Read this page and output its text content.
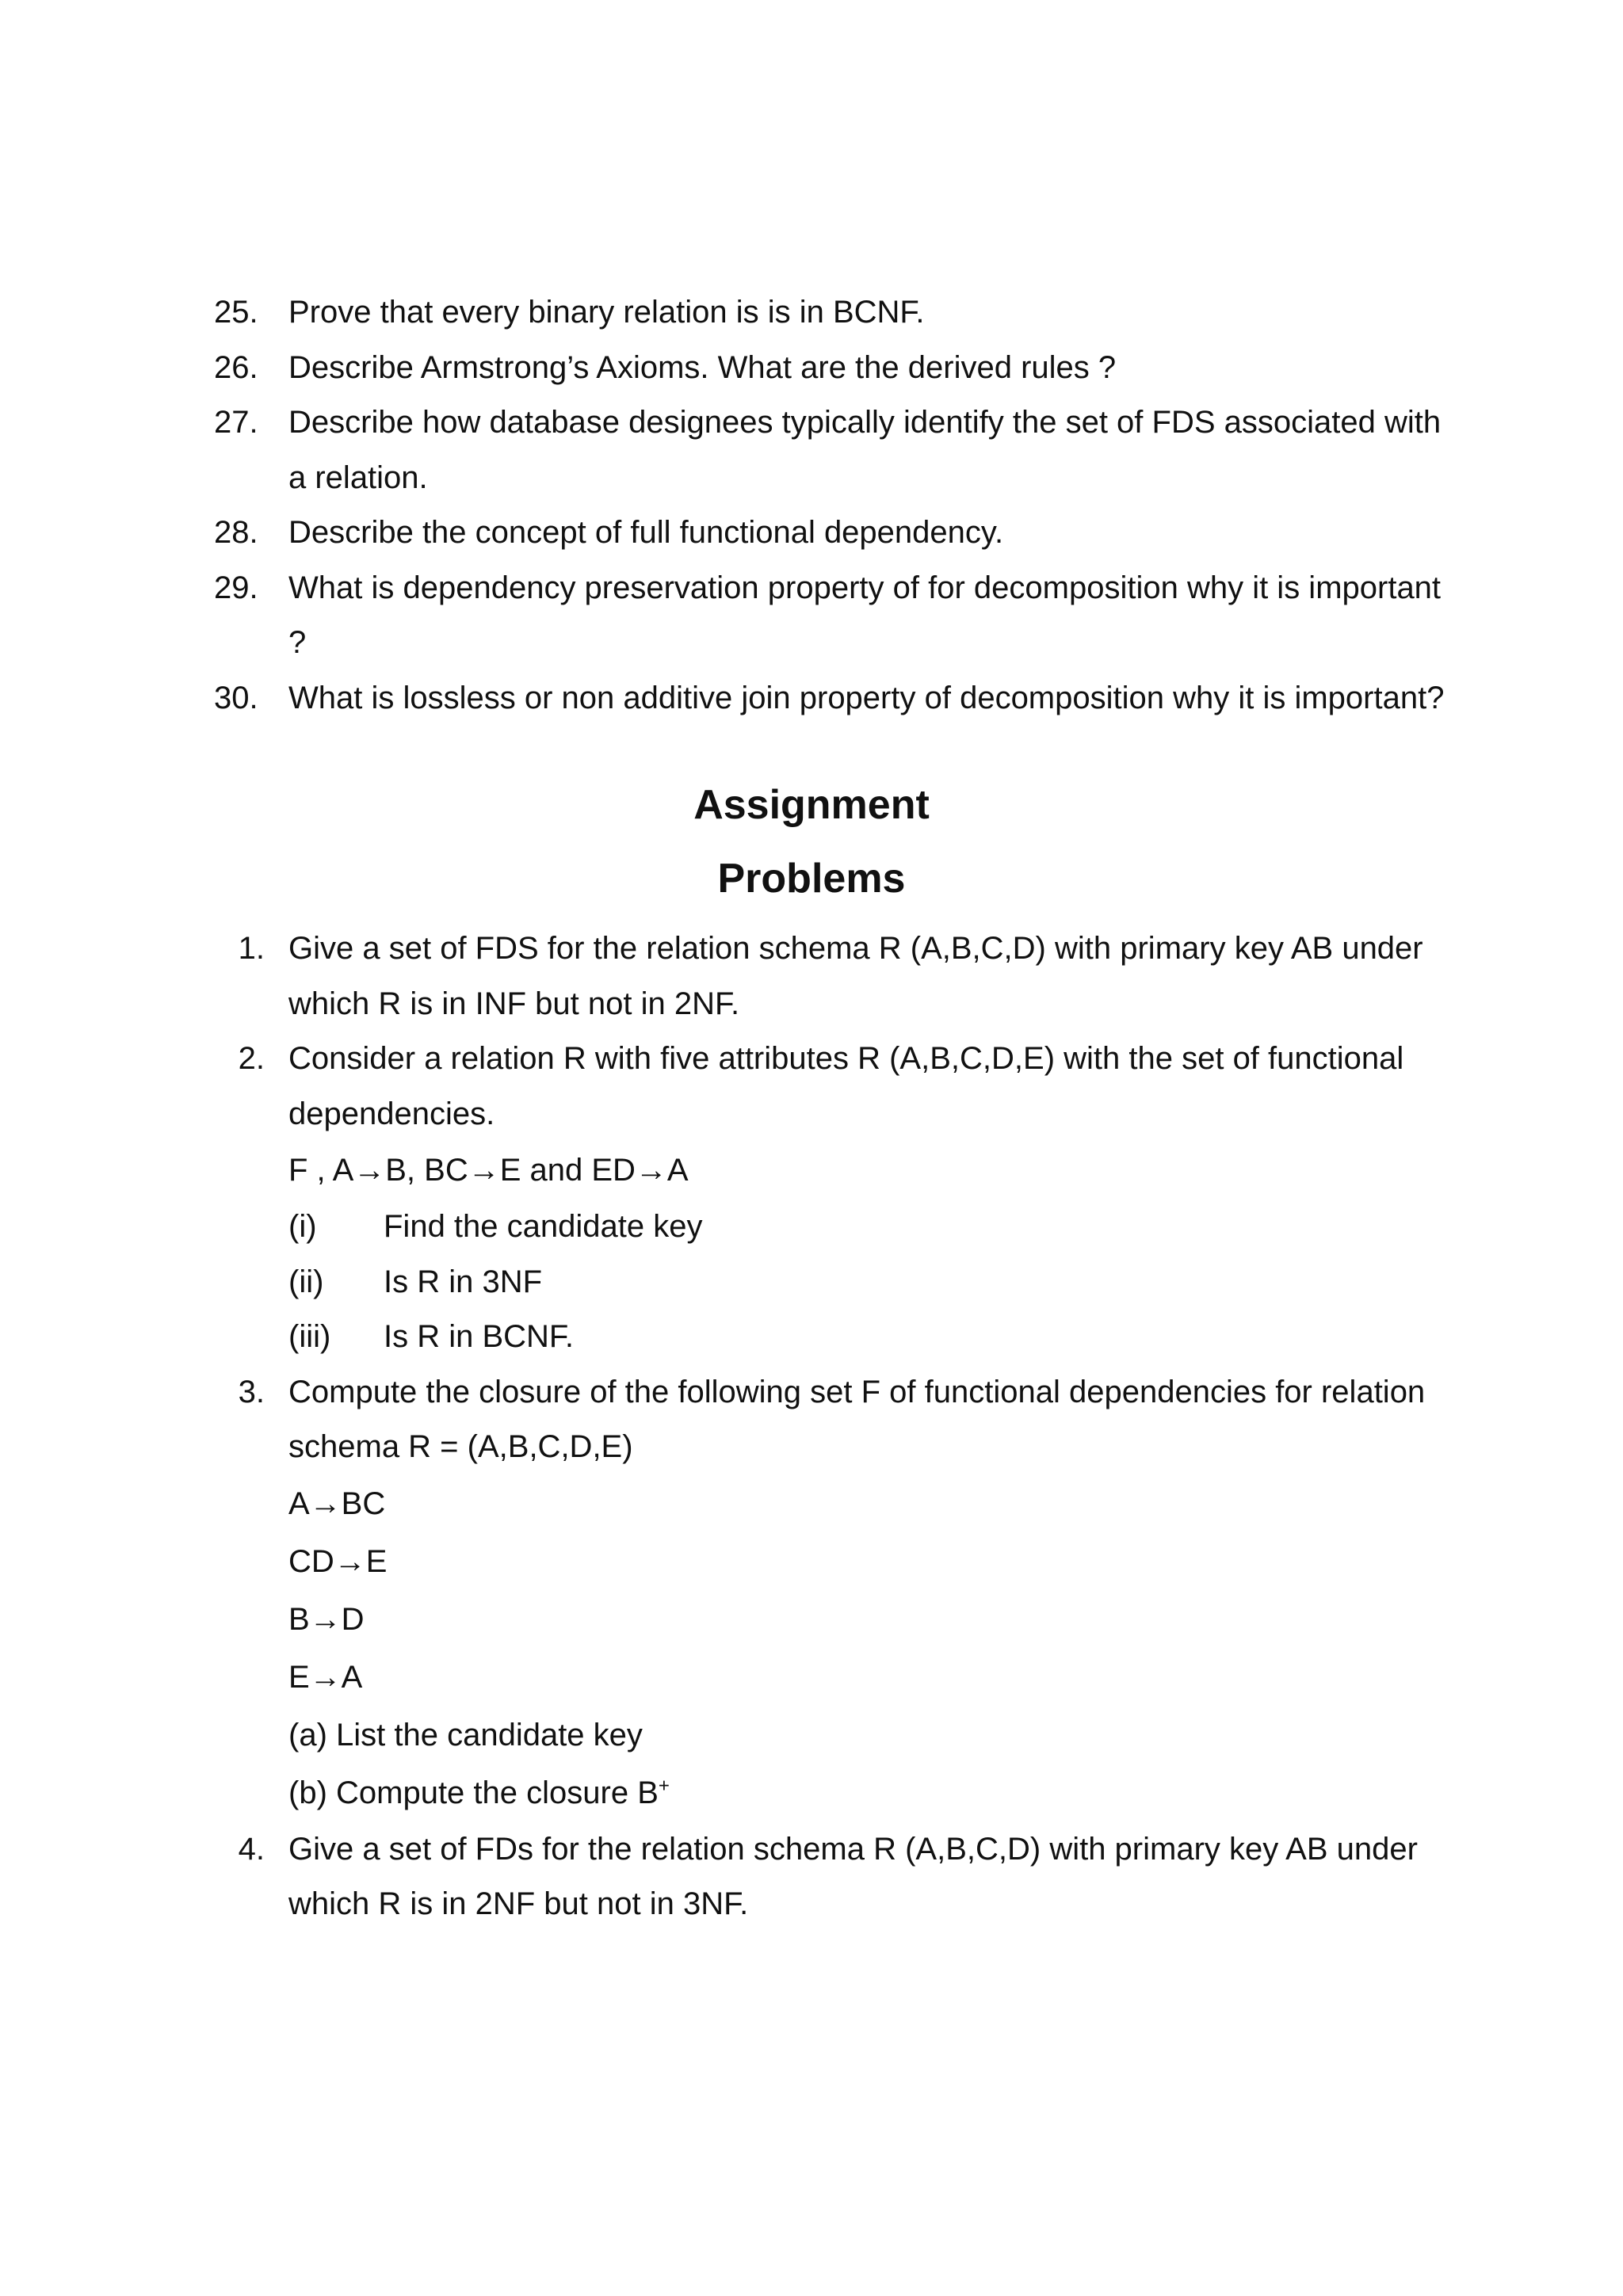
25. Prove that every binary relation is is in BCNF.
26. Describe Armstrong’s Axioms. What are the derived rules ?
27. Describe how database designees typically identify the set of FDS associated with a relation.
28. Describe the concept of full functional dependency.
29. What is dependency preservation property of for decomposition why it is important ?
30. What is lossless or non additive join property of decomposition why it is important?
Assignment
Problems
1. Give a set of FDS for the relation schema R (A,B,C,D) with primary key AB under which R is in INF but not in 2NF.
2. Consider a relation R with five attributes R (A,B,C,D,E) with the set of functional dependencies.
F , A→B, BC→E and ED→A
(i)	Find the candidate key
(ii)	Is R in 3NF
(iii)	Is R in BCNF.
3. Compute the closure of the following set F of functional dependencies for relation schema R = (A,B,C,D,E)
A→BC
CD→E
B→D
E→A
(a) List the candidate key
(b) Compute the closure B+
4. Give a set of FDs for the relation schema R (A,B,C,D) with primary key AB under which R is in 2NF but not in 3NF.
